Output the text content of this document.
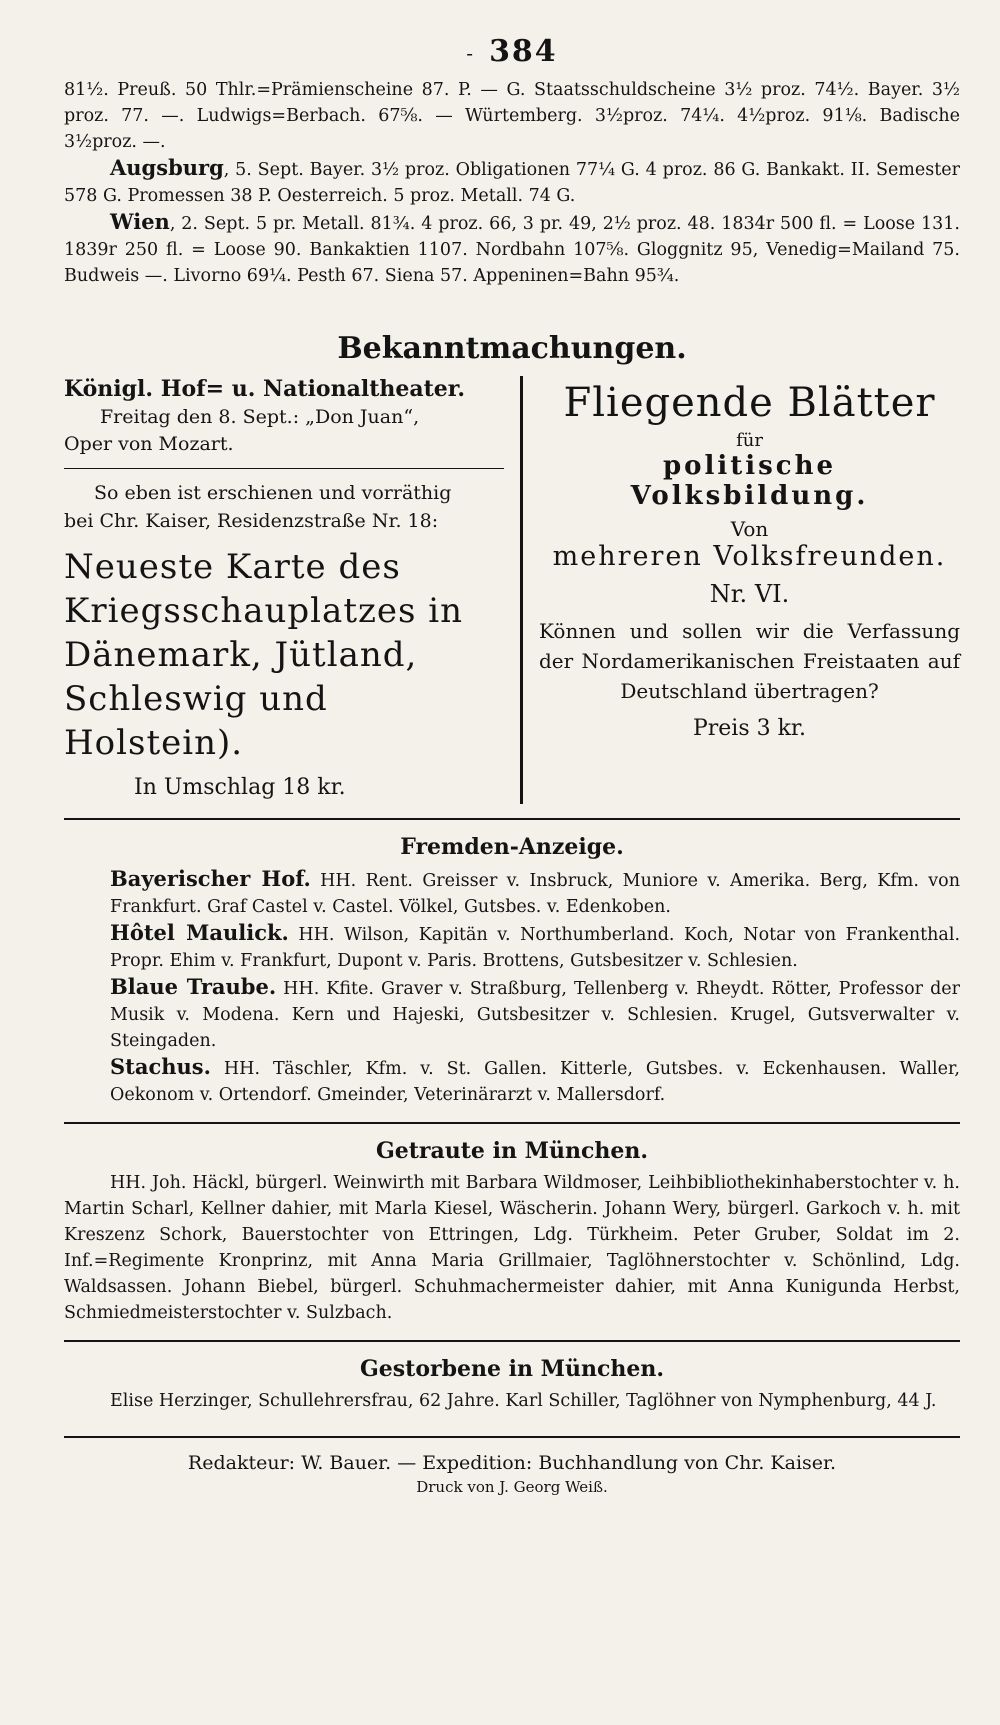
- 384

81½. Preuß. 50 Thlr.=Prämienscheine 87. P. — G. Staatsschuldscheine 3½ proz. 74½. Bayer. 3½ proz. 77. —. Ludwigs=Berbach. 67⅝. — Würtemberg. 3½proz. 74¼. 4½proz. 91⅛. Badische 3½proz. —.

Augsburg, 5. Sept. Bayer. 3½ proz. Obligationen 77¼ G. 4 proz. 86 G. Bankakt. II. Semester 578 G. Promessen 38 P. Oesterreich. 5 proz. Metall. 74 G.

Wien, 2. Sept. 5 pr. Metall. 81¾. 4 proz. 66, 3 pr. 49, 2½ proz. 48. 1834r 500 fl. = Loose 131. 1839r 250 fl. = Loose 90. Bankaktien 1107. Nordbahn 107⅝. Gloggnitz 95, Venedig=Mailand 75. Budweis —. Livorno 69¼. Pesth 67. Siena 57. Appeninen=Bahn 95¾.

Bekanntmachungen.

Königl. Hof= u. Nationaltheater.

Freitag den 8. Sept.: „Don Juan“,

Oper von Mozart.

So eben ist erschienen und vorräthig
bei Chr. Kaiser, Residenzstraße Nr. 18:

Neueste Karte des Kriegsschauplatzes in Dänemark, Jütland, Schleswig und Holstein).

In Umschlag 18 kr.

Fliegende Blätter

für

politische Volksbildung.

Von

mehreren Volksfreunden.

Nr. VI.

Können und sollen wir die Verfassung der Nordamerikanischen Freistaaten auf Deutschland übertragen?

Preis 3 kr.

Fremden-Anzeige.

Bayerischer Hof. HH. Rent. Greisser v. Insbruck, Muniore v. Amerika. Berg, Kfm. von Frankfurt. Graf Castel v. Castel. Völkel, Gutsbes. v. Edenkoben.

Hôtel Maulick. HH. Wilson, Kapitän v. Northumberland. Koch, Notar von Frankenthal. Propr. Ehim v. Frankfurt, Dupont v. Paris. Brottens, Gutsbesitzer v. Schlesien.

Blaue Traube. HH. Kfite. Graver v. Straßburg, Tellenberg v. Rheydt. Rötter, Professor der Musik v. Modena. Kern und Hajeski, Gutsbesitzer v. Schlesien. Krugel, Gutsverwalter v. Steingaden.

Stachus. HH. Täschler, Kfm. v. St. Gallen. Kitterle, Gutsbes. v. Eckenhausen. Waller, Oekonom v. Ortendorf. Gmeinder, Veterinärarzt v. Mallersdorf.

Getraute in München.

HH. Joh. Häckl, bürgerl. Weinwirth mit Barbara Wildmoser, Leihbibliothekinhaberstochter v. h. Martin Scharl, Kellner dahier, mit Marla Kiesel, Wäscherin. Johann Wery, bürgerl. Garkoch v. h. mit Kreszenz Schork, Bauerstochter von Ettringen, Ldg. Türkheim. Peter Gruber, Soldat im 2. Inf.=Regimente Kronprinz, mit Anna Maria Grillmaier, Taglöhnerstochter v. Schönlind, Ldg. Waldsassen. Johann Biebel, bürgerl. Schuhmachermeister dahier, mit Anna Kunigunda Herbst, Schmiedmeisterstochter v. Sulzbach.

Gestorbene in München.

Elise Herzinger, Schullehrersfrau, 62 Jahre. Karl Schiller, Taglöhner von Nymphenburg, 44 J.

Redakteur: W. Bauer. — Expedition: Buchhandlung von Chr. Kaiser.
Druck von J. Georg Weiß.
